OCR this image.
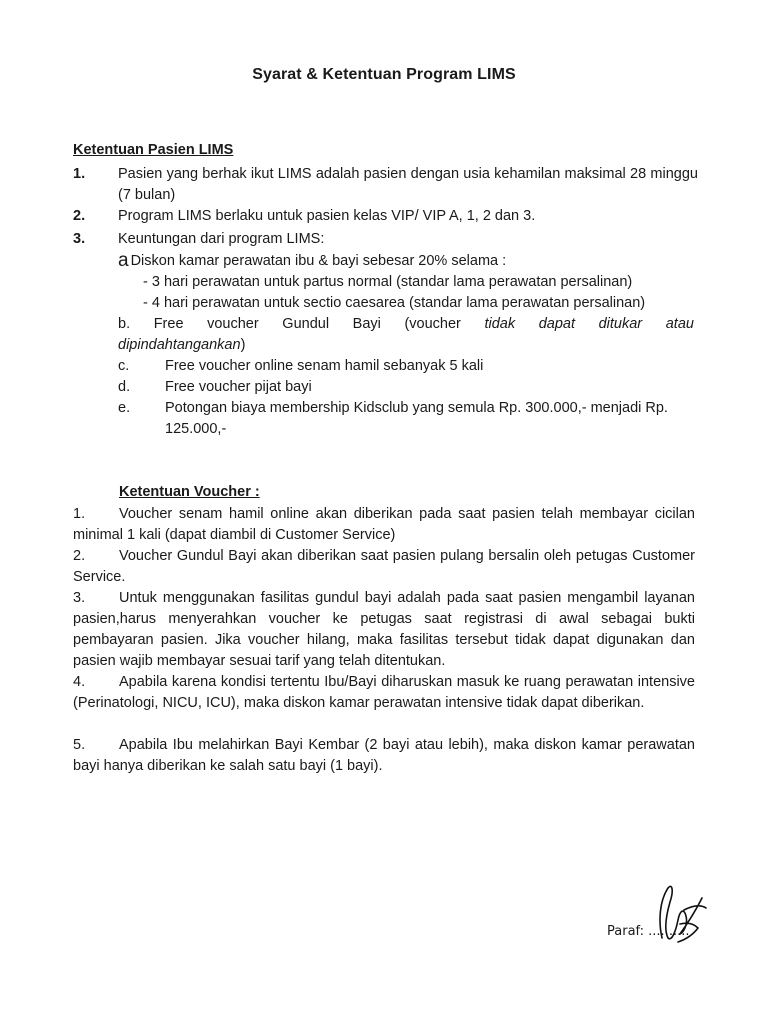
Syarat & Ketentuan Program LIMS
Ketentuan Pasien LIMS
1. Pasien yang berhak ikut LIMS adalah pasien dengan usia kehamilan maksimal 28 minggu (7 bulan)
2. Program LIMS berlaku untuk pasien kelas VIP/ VIP A, 1, 2 dan 3.
3. Keuntungan dari program LIMS:
a Diskon kamar perawatan ibu & bayi sebesar 20% selama :
- 3 hari perawatan untuk partus normal (standar lama perawatan persalinan)
- 4 hari perawatan untuk sectio caesarea (standar lama perawatan persalinan)
b. Free voucher Gundul Bayi (voucher tidak dapat ditukar atau
dipindahtangankan)
c. Free voucher online senam hamil sebanyak 5 kali
d. Free voucher pijat bayi
e. Potongan biaya membership Kidsclub yang semula Rp. 300.000,- menjadi Rp. 125.000,-
Ketentuan Voucher :
1. Voucher senam hamil online akan diberikan pada saat pasien telah membayar cicilan minimal 1 kali (dapat diambil di Customer Service)
2. Voucher Gundul Bayi akan diberikan saat pasien pulang bersalin oleh petugas Customer Service.
3. Untuk menggunakan fasilitas gundul bayi adalah pada saat pasien mengambil layanan pasien,harus menyerahkan voucher ke petugas saat registrasi di awal sebagai bukti pembayaran pasien. Jika voucher hilang, maka fasilitas tersebut tidak dapat digunakan dan pasien wajib membayar sesuai tarif yang telah ditentukan.
4. Apabila karena kondisi tertentu Ibu/Bayi diharuskan masuk ke ruang perawatan intensive (Perinatologi, NICU, ICU), maka diskon kamar perawatan intensive tidak dapat diberikan.
5. Apabila Ibu melahirkan Bayi Kembar (2 bayi atau lebih), maka diskon kamar perawatan bayi hanya diberikan ke salah satu bayi (1 bayi).
Paraf: ..........
